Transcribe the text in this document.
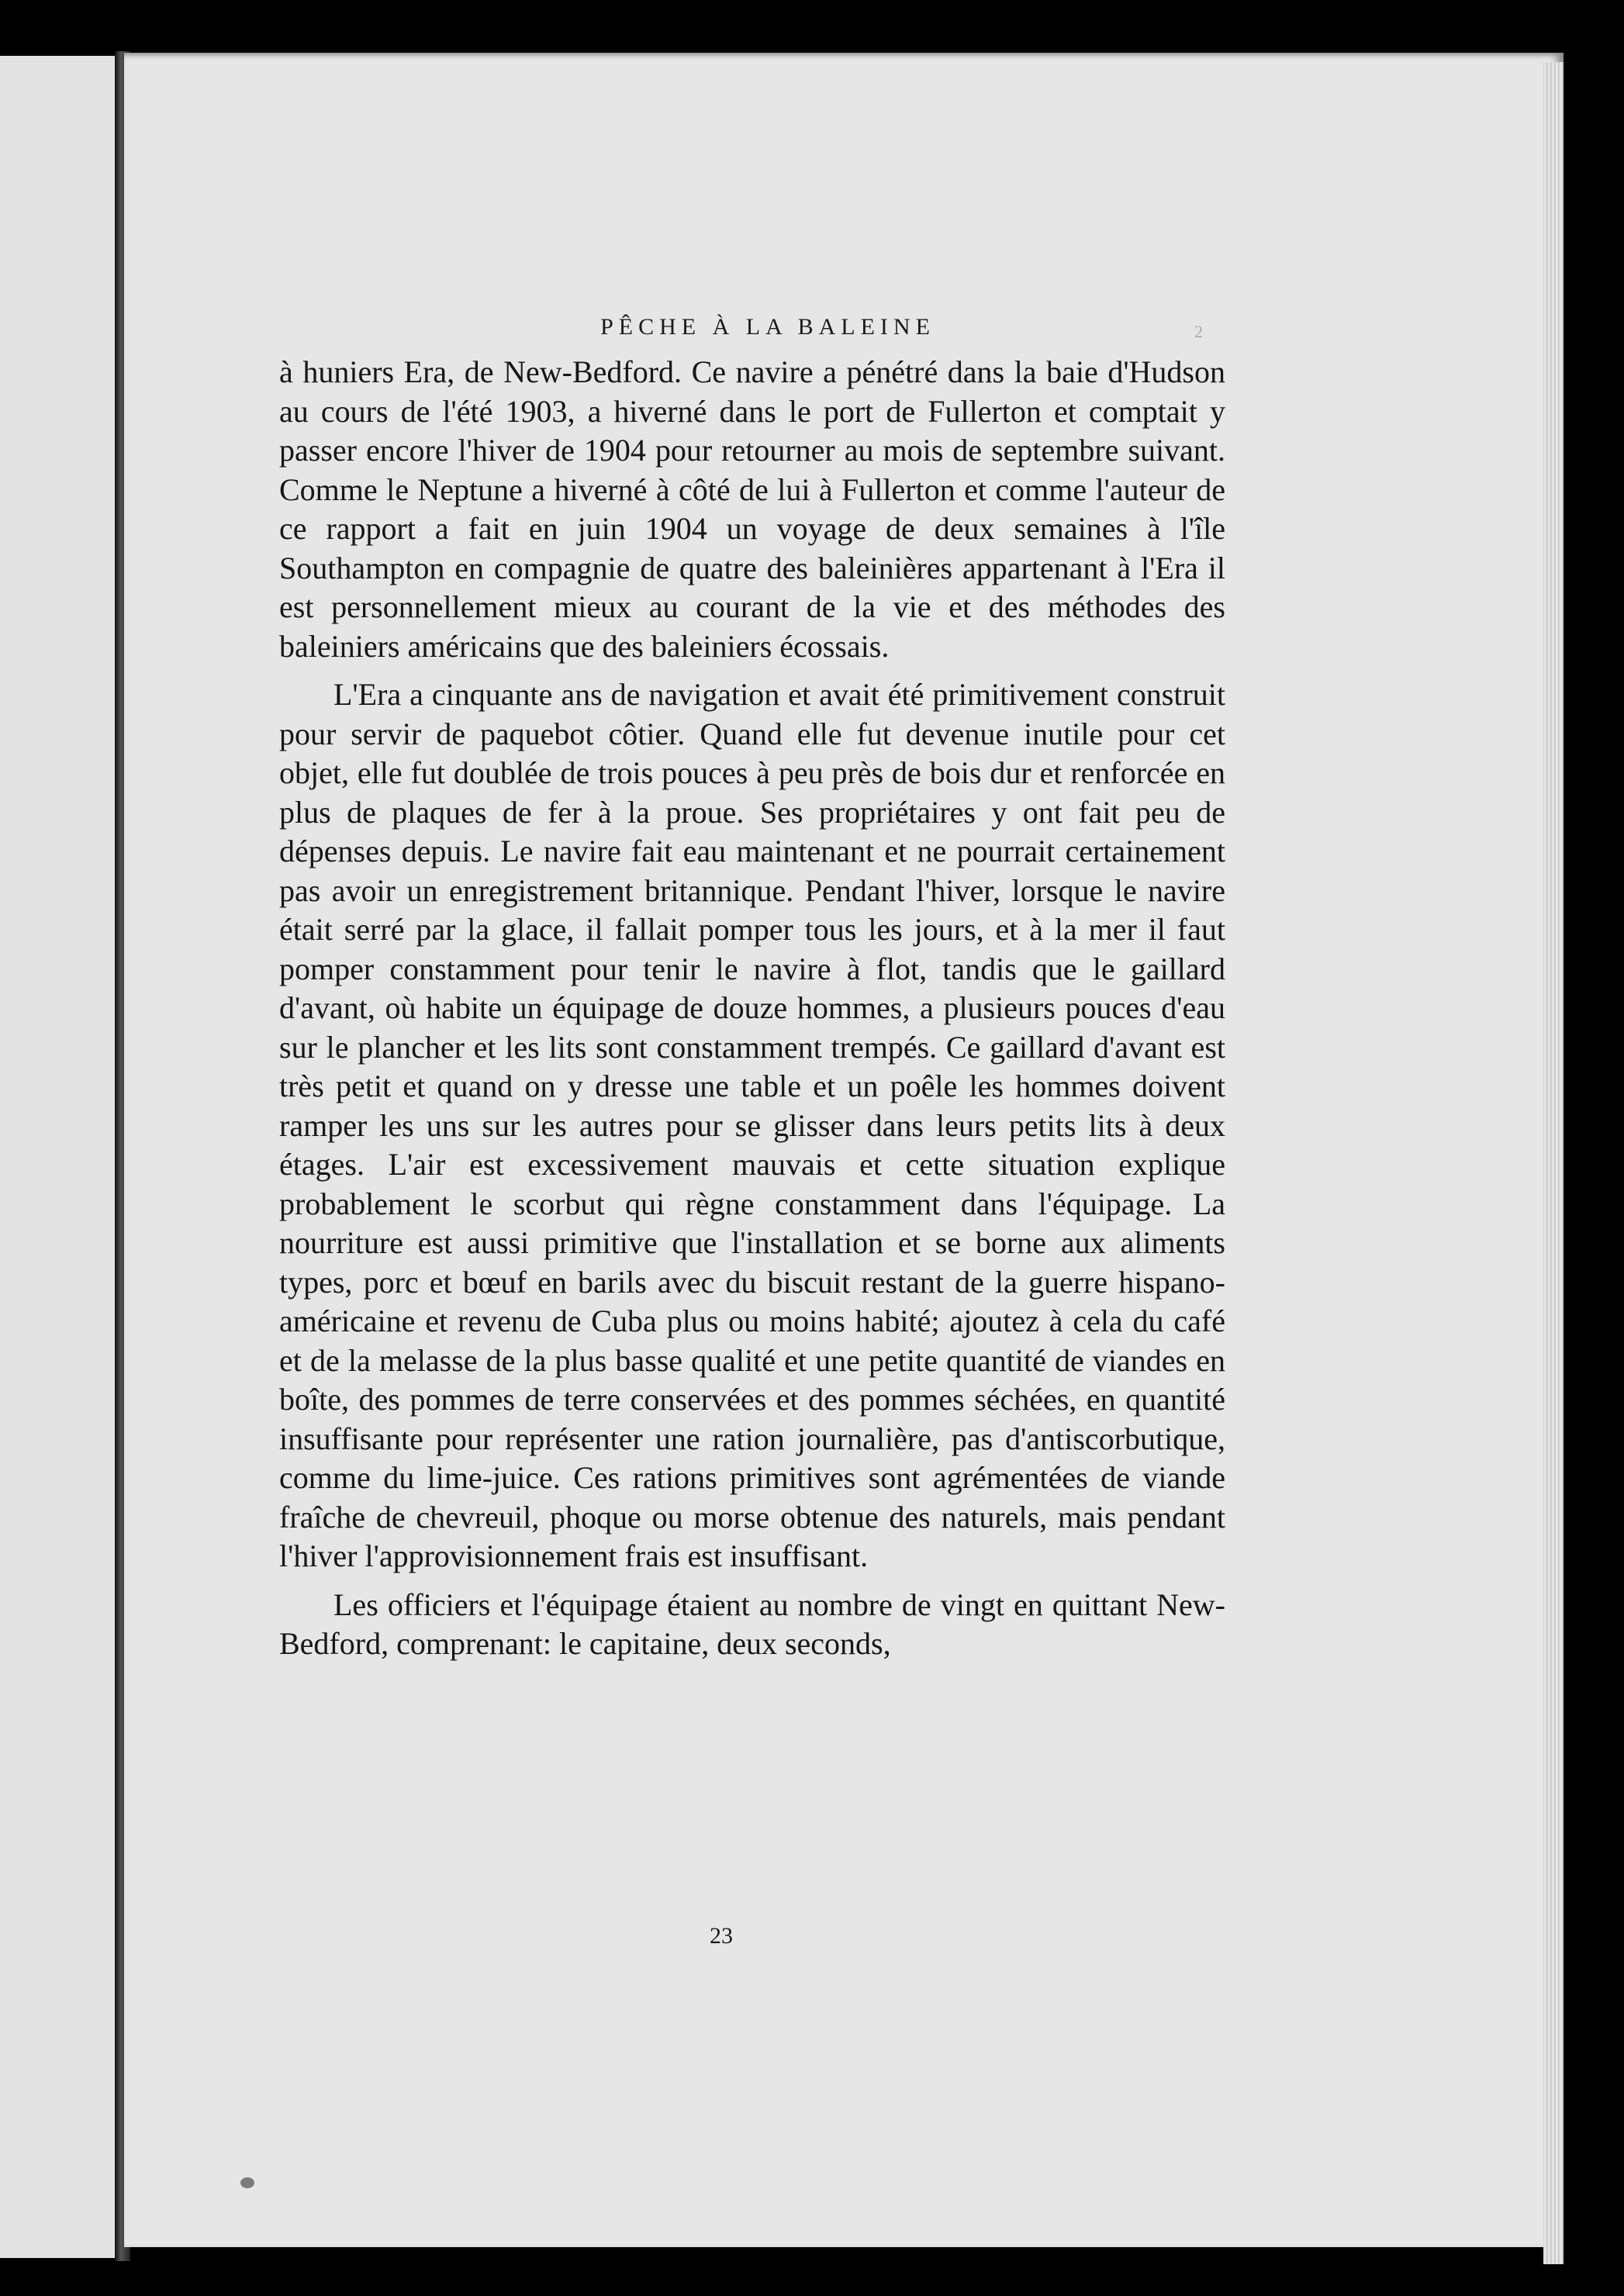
PÊCHE À LA BALEINE	2

à huniers Era, de New-Bedford. Ce navire a pénétré dans la baie d'Hudson au cours de l'été 1903, a hiverné dans le port de Fullerton et comptait y passer encore l'hiver de 1904 pour retourner au mois de septembre suivant. Comme le Neptune a hiverné à côté de lui à Fullerton et comme l'auteur de ce rapport a fait en juin 1904 un voyage de deux semaines à l'île Southampton en compagnie de quatre des baleinières appartenant à l'Era il est personnellement mieux au courant de la vie et des méthodes des baleiniers américains que des baleiniers écossais.

L'Era a cinquante ans de navigation et avait été primitivement construit pour servir de paquebot côtier. Quand elle fut devenue inutile pour cet objet, elle fut doublée de trois pouces à peu près de bois dur et renforcée en plus de plaques de fer à la proue. Ses propriétaires y ont fait peu de dépenses depuis. Le navire fait eau maintenant et ne pourrait certainement pas avoir un enregistrement britannique. Pendant l'hiver, lorsque le navire était serré par la glace, il fallait pomper tous les jours, et à la mer il faut pomper constamment pour tenir le navire à flot, tandis que le gaillard d'avant, où habite un équipage de douze hommes, a plusieurs pouces d'eau sur le plancher et les lits sont constamment trempés. Ce gaillard d'avant est très petit et quand on y dresse une table et un poêle les hommes doivent ramper les uns sur les autres pour se glisser dans leurs petits lits à deux étages. L'air est excessivement mauvais et cette situation explique probablement le scorbut qui règne constamment dans l'équipage. La nourriture est aussi primitive que l'installation et se borne aux aliments types, porc et bœuf en barils avec du biscuit restant de la guerre hispano-américaine et revenu de Cuba plus ou moins habité; ajoutez à cela du café et de la melasse de la plus basse qualité et une petite quantité de viandes en boîte, des pommes de terre conservées et des pommes séchées, en quantité insuffisante pour représenter une ration journalière, pas d'antiscorbutique, comme du lime-juice. Ces rations primitives sont agrémentées de viande fraîche de chevreuil, phoque ou morse obtenue des naturels, mais pendant l'hiver l'approvisionnement frais est insuffisant.

Les officiers et l'équipage étaient au nombre de vingt en quittant New-Bedford, comprenant: le capitaine, deux seconds,

23
